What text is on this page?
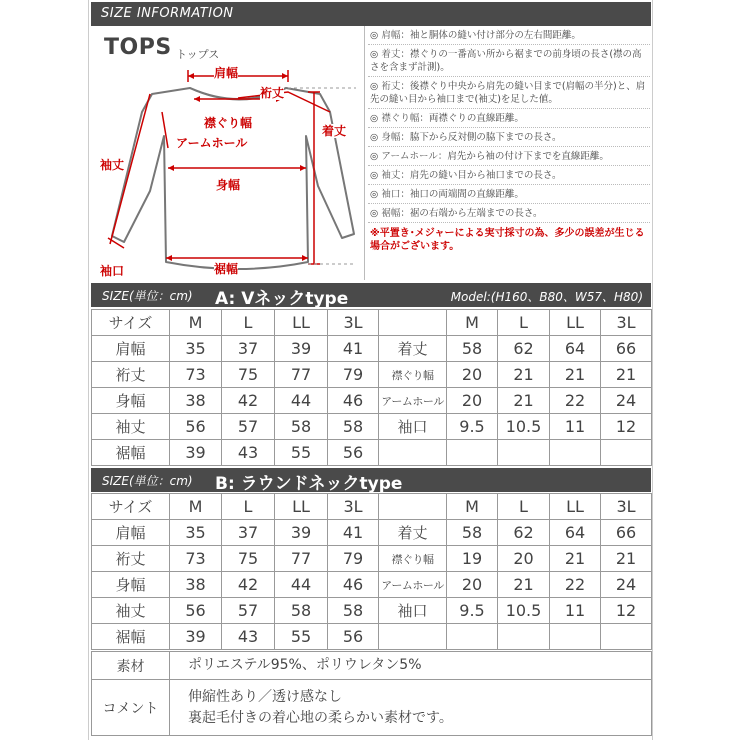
SIZE INFORMATION
TOPS トップス
肩幅
裄丈
襟ぐり幅
アームホール
着丈
袖丈
身幅
袖口	裾幅
◎ 肩幅：袖と胴体の縫い付け部分の左右間距離。
◎ 着丈：襟ぐりの一番高い所から裾までの前身頃の長さ(襟の高さを含まず計測)。
◎ 裄丈：後襟ぐり中央から肩先の縫い目まで(肩幅の半分)と、肩先の縫い目から袖口まで(袖丈)を足した値。
◎ 襟ぐり幅：両襟ぐりの直線距離。
◎ 身幅：脇下から反対側の脇下までの長さ。
◎ アームホール：肩先から袖の付け下までを直線距離。
◎ 袖丈：肩先の縫い目から袖口までの長さ。
◎ 袖口：袖口の両端間の直線距離。
◎ 裾幅：裾の右端から左端までの長さ。
※平置き･メジャーによる実寸採寸の為、多少の誤差が生じる場合がございます。
SIZE(単位：cm) A: Vネックtype	Model:(H160、B80、W57、H80)
サイズ	M	L	LL	3L		M	L	LL	3L
肩幅	35	37	39	41	着丈	58	62	64	66
裄丈	73	75	77	79	襟ぐり幅	20	21	21	21
身幅	38	42	44	46	アームホール	20	21	22	24
袖丈	56	57	58	58	袖口	9.5	10.5	11	12
裾幅	39	43	55	56					
SIZE(単位：cm) B: ラウンドネックtype
サイズ	M	L	LL	3L		M	L	LL	3L
肩幅	35	37	39	41	着丈	58	62	64	66
裄丈	73	75	77	79	襟ぐり幅	19	20	21	21
身幅	38	42	44	46	アームホール	20	21	22	24
袖丈	56	57	58	58	袖口	9.5	10.5	11	12
裾幅	39	43	55	56					
素材	ポリエステル95%、ポリウレタン5%
コメント	伸縮性あり／透け感なし
裏起毛付きの着心地の柔らかい素材です。
